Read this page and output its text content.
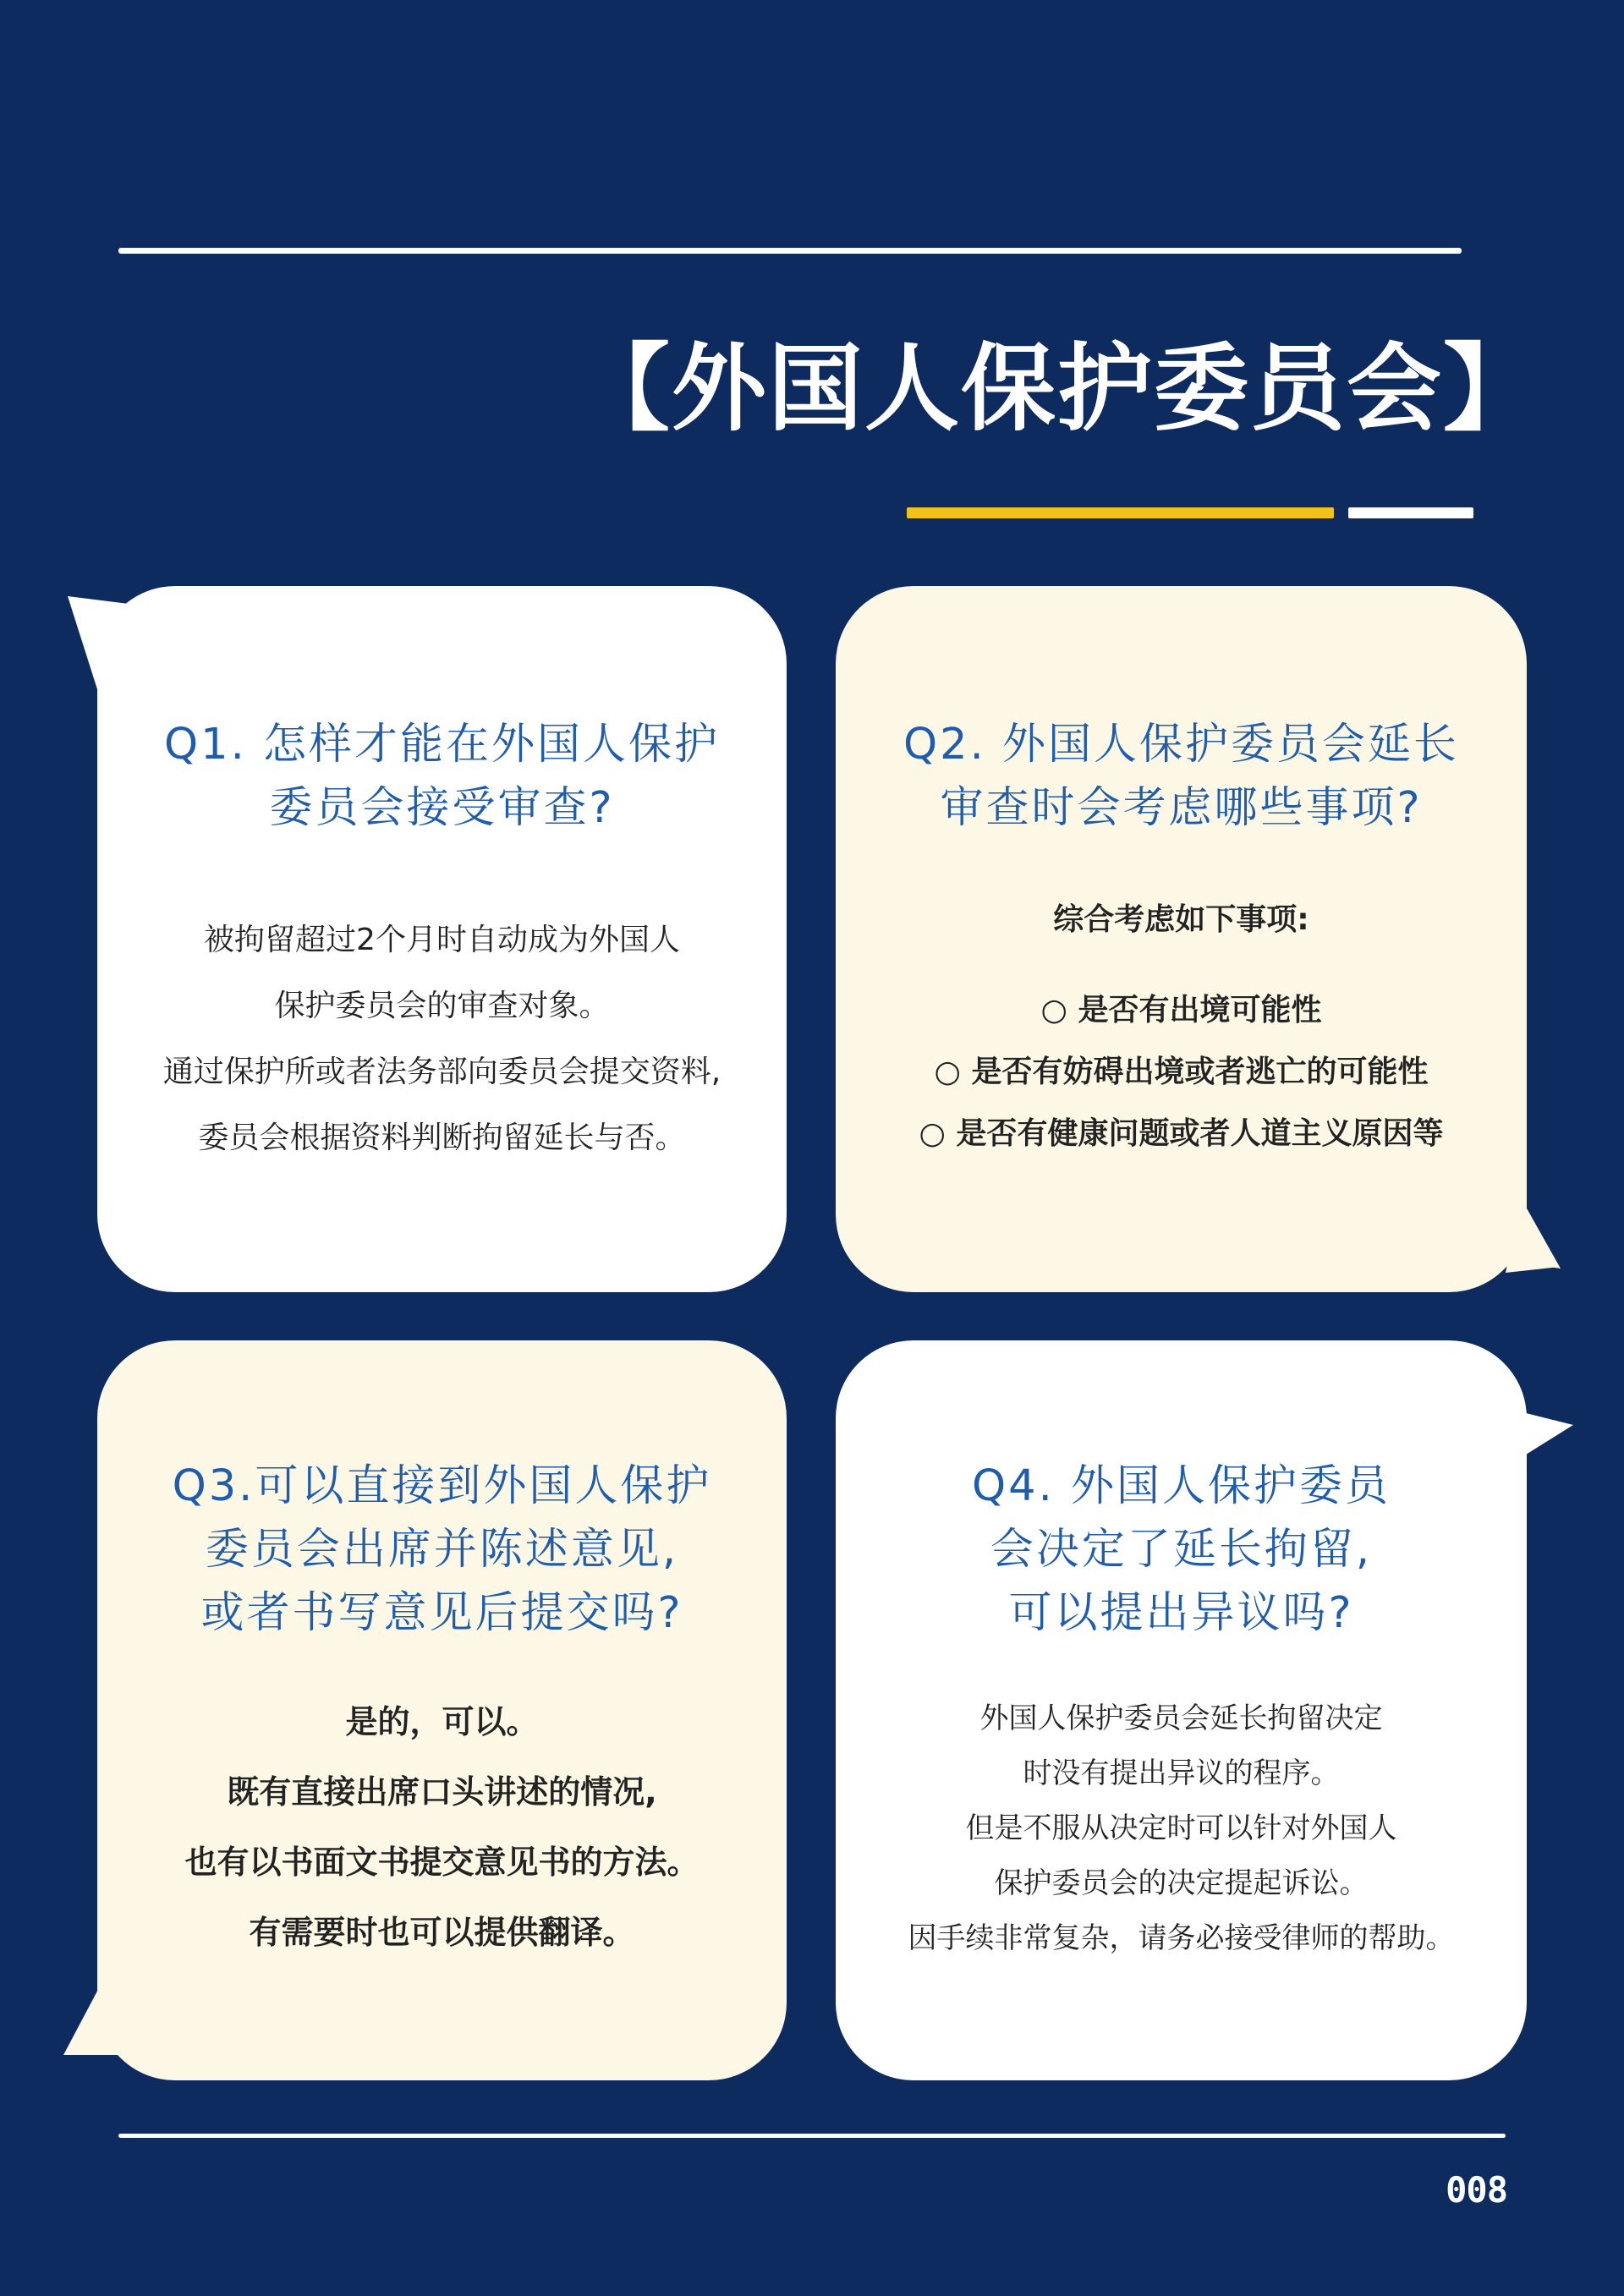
【外国人保护委员会】
Q1. 怎样才能在外国人保护
委员会接受审查?
被拘留超过2个月时自动成为外国人
保护委员会的审查对象。
通过保护所或者法务部向委员会提交资料,
委员会根据资料判断拘留延长与否。
Q2. 外国人保护委员会延长
审查时会考虑哪些事项?
综合考虑如下事项:
○ 是否有出境可能性
○ 是否有妨碍出境或者逃亡的可能性
○ 是否有健康问题或者人道主义原因等
Q3.可以直接到外国人保护
委员会出席并陈述意见,
或者书写意见后提交吗?
是的，可以。
既有直接出席口头讲述的情况,
也有以书面文书提交意见书的方法。
有需要时也可以提供翻译。
Q4. 外国人保护委员
会决定了延长拘留,
可以提出异议吗?
外国人保护委员会延长拘留决定
时没有提出异议的程序。
但是不服从决定时可以针对外国人
保护委员会的决定提起诉讼。
因手续非常复杂，请务必接受律师的帮助。
008
